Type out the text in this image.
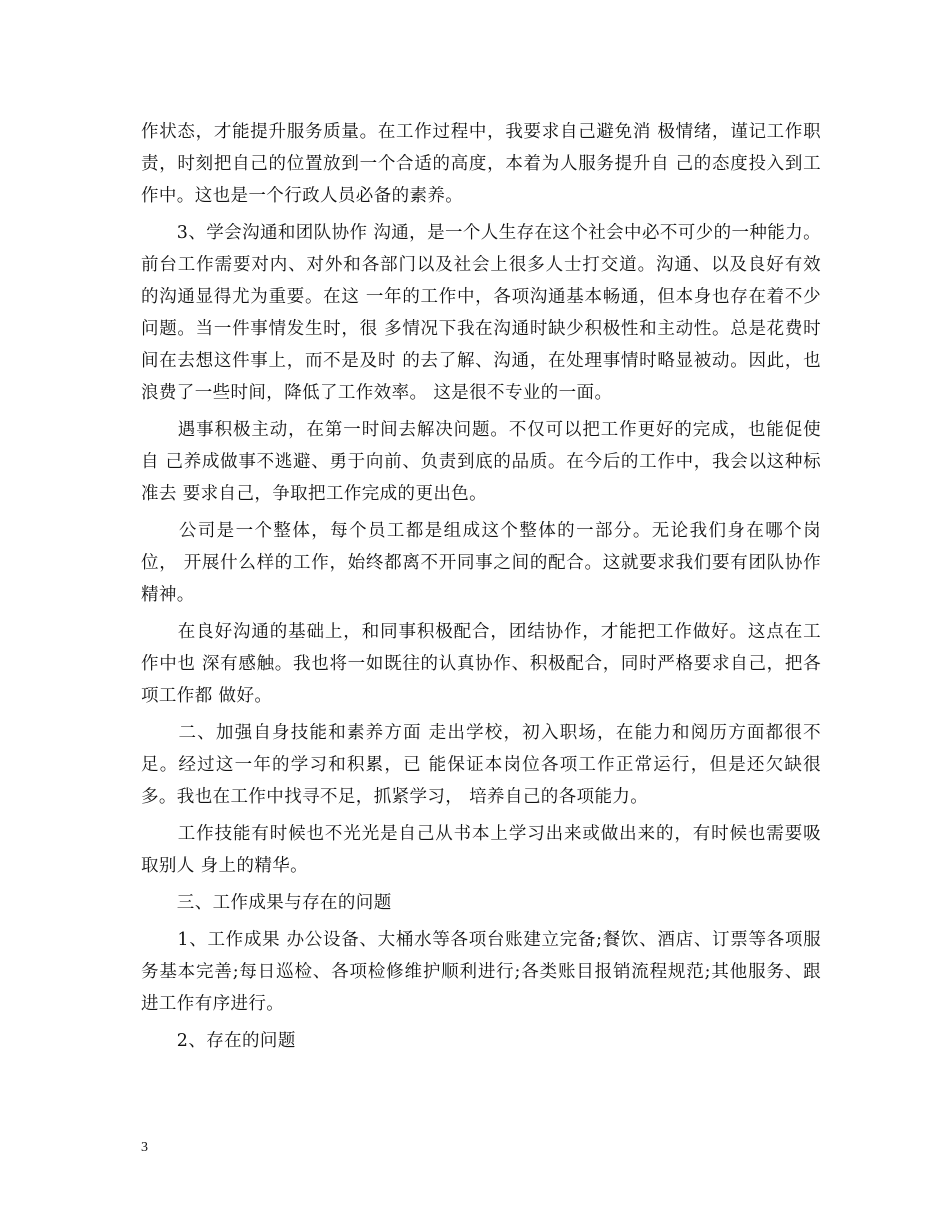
作状态，才能提升服务质量。在工作过程中，我要求自己避免消 极情绪，谨记工作职责，时刻把自己的位置放到一个合适的高度，本着为人服务提升自 己的态度投入到工作中。这也是一个行政人员必备的素养。

　　3、学会沟通和团队协作 沟通，是一个人生存在这个社会中必不可少的一种能力。前台工作需要对内、对外和各部门以及社会上很多人士打交道。沟通、以及良好有效的沟通显得尤为重要。在这 一年的工作中，各项沟通基本畅通，但本身也存在着不少问题。当一件事情发生时，很 多情况下我在沟通时缺少积极性和主动性。总是花费时间在去想这件事上，而不是及时 的去了解、沟通，在处理事情时略显被动。因此，也浪费了一些时间，降低了工作效率。 这是很不专业的一面。

　　遇事积极主动，在第一时间去解决问题。不仅可以把工作更好的完成，也能促使自 己养成做事不逃避、勇于向前、负责到底的品质。在今后的工作中，我会以这种标准去 要求自己，争取把工作完成的更出色。

　　公司是一个整体，每个员工都是组成这个整体的一部分。无论我们身在哪个岗位， 开展什么样的工作，始终都离不开同事之间的配合。这就要求我们要有团队协作精神。

　　在良好沟通的基础上，和同事积极配合，团结协作，才能把工作做好。这点在工作中也 深有感触。我也将一如既往的认真协作、积极配合，同时严格要求自己，把各项工作都 做好。

　　二、加强自身技能和素养方面 走出学校，初入职场，在能力和阅历方面都很不足。经过这一年的学习和积累，已 能保证本岗位各项工作正常运行，但是还欠缺很多。我也在工作中找寻不足，抓紧学习， 培养自己的各项能力。

　　工作技能有时候也不光光是自己从书本上学习出来或做出来的，有时候也需要吸取别人 身上的精华。

　　三、工作成果与存在的问题

　　1、工作成果 办公设备、大桶水等各项台账建立完备;餐饮、酒店、订票等各项服务基本完善;每日巡检、各项检修维护顺利进行;各类账目报销流程规范;其他服务、跟进工作有序进行。

　　2、存在的问题

3
